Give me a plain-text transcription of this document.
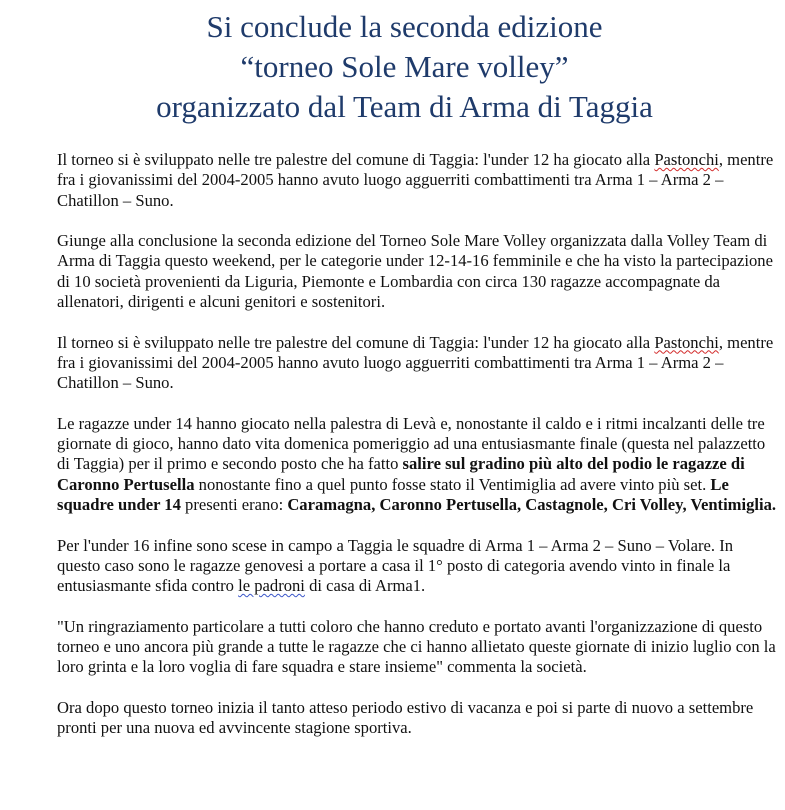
Si conclude la seconda edizione
“torneo Sole Mare volley”
organizzato dal Team di Arma di Taggia

Il torneo si è sviluppato nelle tre palestre del comune di Taggia: l'under 12 ha giocato alla Pastonchi, mentre fra i giovanissimi del 2004-2005 hanno avuto luogo agguerriti combattimenti tra Arma 1 – Arma 2 – Chatillon – Suno.

Giunge alla conclusione la seconda edizione del Torneo Sole Mare Volley organizzata dalla Volley Team di Arma di Taggia questo weekend, per le categorie under 12-14-16 femminile e che ha visto la partecipazione di 10 società provenienti da Liguria, Piemonte e Lombardia con circa 130 ragazze accompagnate da allenatori, dirigenti e alcuni genitori e sostenitori.

Il torneo si è sviluppato nelle tre palestre del comune di Taggia: l'under 12 ha giocato alla Pastonchi, mentre fra i giovanissimi del 2004-2005 hanno avuto luogo agguerriti combattimenti tra Arma 1 – Arma 2 – Chatillon – Suno.

Le ragazze under 14 hanno giocato nella palestra di Levà e, nonostante il caldo e i ritmi incalzanti delle tre giornate di gioco, hanno dato vita domenica pomeriggio ad una entusiasmante finale (questa nel palazzetto di Taggia) per il primo e secondo posto che ha fatto salire sul gradino più alto del podio le ragazze di Caronno Pertusella nonostante fino a quel punto fosse stato il Ventimiglia ad avere vinto più set. Le squadre under 14 presenti erano: Caramagna, Caronno Pertusella, Castagnole, Cri Volley, Ventimiglia.

Per l'under 16 infine sono scese in campo a Taggia le squadre di Arma 1 – Arma 2 – Suno – Volare. In questo caso sono le ragazze genovesi a portare a casa il 1° posto di categoria avendo vinto in finale la entusiasmante sfida contro le padroni di casa di Arma1.

"Un ringraziamento particolare a tutti coloro che hanno creduto e portato avanti l'organizzazione di questo torneo e uno ancora più grande a tutte le ragazze che ci hanno allietato queste giornate di inizio luglio con la loro grinta e la loro voglia di fare squadra e stare insieme" commenta la società.

Ora dopo questo torneo inizia il tanto atteso periodo estivo di vacanza e poi si parte di nuovo a settembre pronti per una nuova ed avvincente stagione sportiva.
